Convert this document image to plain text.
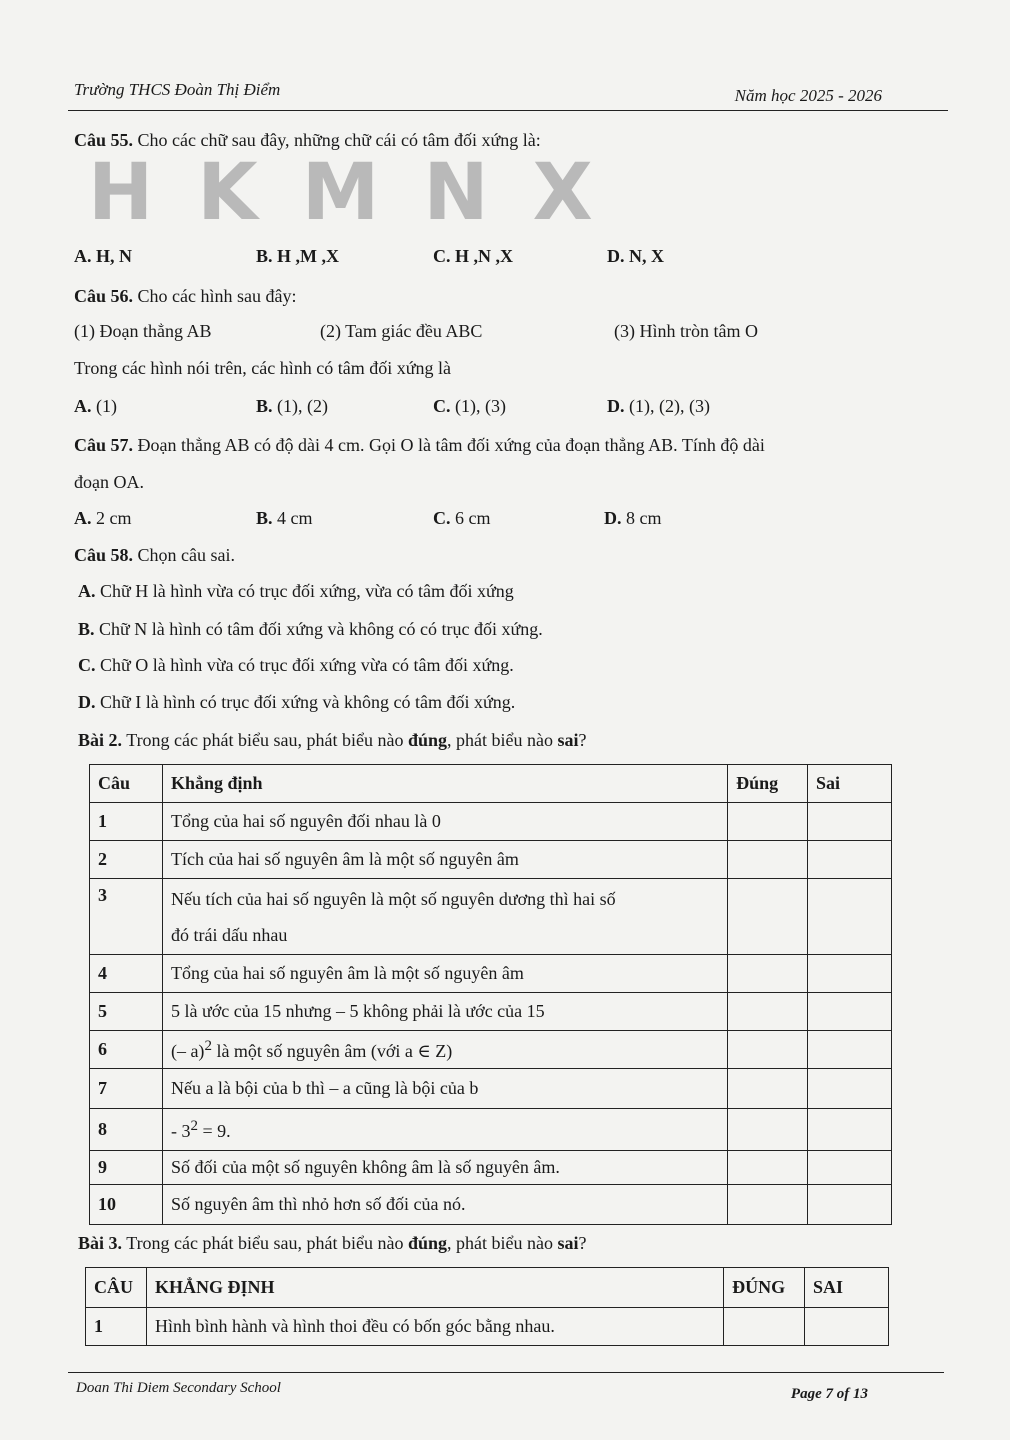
Trường THCS Đoàn Thị Điểm	Năm học 2025 - 2026
Câu 55. Cho các chữ sau đây, những chữ cái có tâm đối xứng là:
H K M N X
A. H, N	B. H ,M ,X	C. H ,N ,X	D. N, X
Câu 56. Cho các hình sau đây:
(1) Đoạn thẳng AB	(2) Tam giác đều ABC	(3) Hình tròn tâm O
Trong các hình nói trên, các hình có tâm đối xứng là
A. (1)	B. (1), (2)	C. (1), (3)	D. (1), (2), (3)
Câu 57. Đoạn thẳng AB có độ dài 4 cm. Gọi O là tâm đối xứng của đoạn thẳng AB. Tính độ dài
đoạn OA.
A. 2 cm	B. 4 cm	C. 6 cm	D. 8 cm
Câu 58. Chọn câu sai.
A. Chữ H là hình vừa có trục đối xứng, vừa có tâm đối xứng
B. Chữ N là hình có tâm đối xứng và không có có trục đối xứng.
C. Chữ O là hình vừa có trục đối xứng vừa có tâm đối xứng.
D. Chữ I là hình có trục đối xứng và không có tâm đối xứng.
Bài 2. Trong các phát biểu sau, phát biểu nào đúng, phát biểu nào sai?
Câu	Khẳng định	Đúng	Sai
1	Tổng của hai số nguyên đối nhau là 0		
2	Tích của hai số nguyên âm là một số nguyên âm		
3	Nếu tích của hai số nguyên là một số nguyên dương thì hai số
đó trái dấu nhau		
4	Tổng của hai số nguyên âm là một số nguyên âm		
5	5 là ước của 15 nhưng – 5 không phải là ước của 15		
6	(– a)$^2$ là một số nguyên âm (với a ∈ Z)		
7	Nếu a là bội của b thì – a cũng là bội của b		
8	- $3^2 = 9$.		
9	Số đối của một số nguyên không âm là số nguyên âm.		
10	Số nguyên âm thì nhỏ hơn số đối của nó.		
Bài 3. Trong các phát biểu sau, phát biểu nào đúng, phát biểu nào sai?
CÂU	KHẲNG ĐỊNH	ĐÚNG	SAI
1	Hình bình hành và hình thoi đều có bốn góc bằng nhau.		
Doan Thi Diem Secondary School	Page 7 of 13
